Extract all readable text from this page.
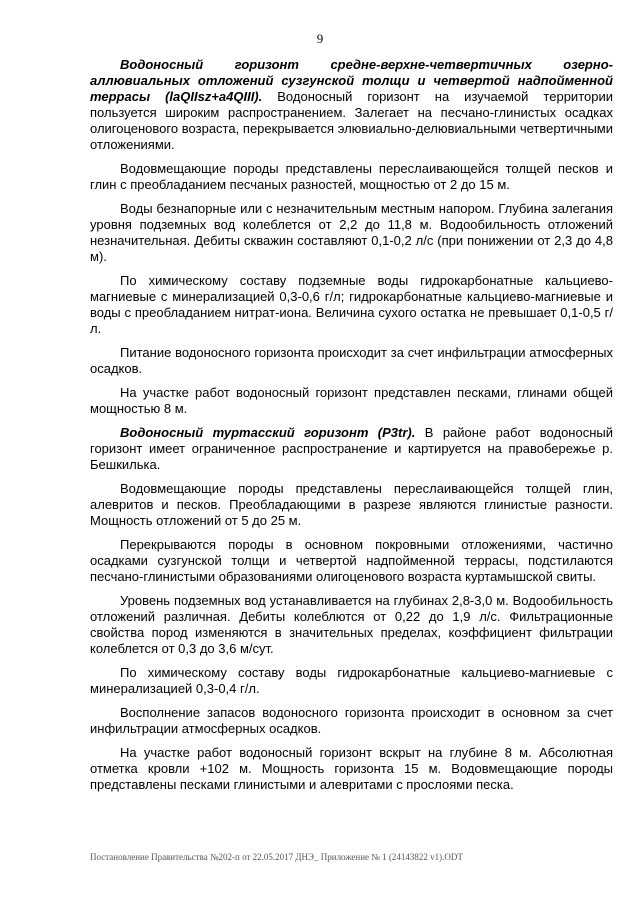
9

Водоносный горизонт средне-верхне-четвертичных озерно-аллювиальных отложений сузгунской толщи и четвертой надпойменной террасы (laQIIsz+a4QIII). Водоносный горизонт на изучаемой территории пользуется широким распространением. Залегает на песчано-глинистых осадках олигоценового возраста, перекрывается элювиально-делювиальными четвертичными отложениями.

Водовмещающие породы представлены переслаивающейся толщей песков и глин с преобладанием песчаных разностей, мощностью от 2 до 15 м.

Воды безнапорные или с незначительным местным напором. Глубина залегания уровня подземных вод колеблется от 2,2 до 11,8 м. Водообильность отложений незначительная. Дебиты скважин составляют 0,1-0,2 л/с (при понижении от 2,3 до 4,8 м).

По химическому составу подземные воды гидрокарбонатные кальциево-магниевые с минерализацией 0,3-0,6 г/л; гидрокарбонатные кальциево-магниевые и воды с преобладанием нитрат-иона. Величина сухого остатка не превышает 0,1-0,5 г/л.

Питание водоносного горизонта происходит за счет инфильтрации атмосферных осадков.

На участке работ водоносный горизонт представлен песками, глинами общей мощностью 8 м.

Водоносный туртасский горизонт (P3tr). В районе работ водоносный горизонт имеет ограниченное распространение и картируется на правобережье р. Бешкилька.

Водовмещающие породы представлены переслаивающейся толщей глин, алевритов и песков. Преобладающими в разрезе являются глинистые разности. Мощность отложений от 5 до 25 м.

Перекрываются породы в основном покровными отложениями, частично осадками сузгунской толщи и четвертой надпойменной террасы, подстилаются песчано-глинистыми образованиями олигоценового возраста куртамышской свиты.

Уровень подземных вод устанавливается на глубинах 2,8-3,0 м. Водообильность отложений различная. Дебиты колеблются от 0,22 до 1,9 л/с. Фильтрационные свойства пород изменяются в значительных пределах, коэффициент фильтрации колеблется от 0,3 до 3,6 м/сут.

По химическому составу воды гидрокарбонатные кальциево-магниевые с минерализацией 0,3-0,4 г/л.

Восполнение запасов водоносного горизонта происходит в основном за счет инфильтрации атмосферных осадков.

На участке работ водоносный горизонт вскрыт на глубине 8 м. Абсолютная отметка кровли +102 м. Мощность горизонта 15 м. Водовмещающие породы представлены песками глинистыми и алевритами с прослоями песка.

Постановление Правительства №202-п от 22.05.2017 ДНЭ_ Приложение № 1 (24143822 v1).ODT
